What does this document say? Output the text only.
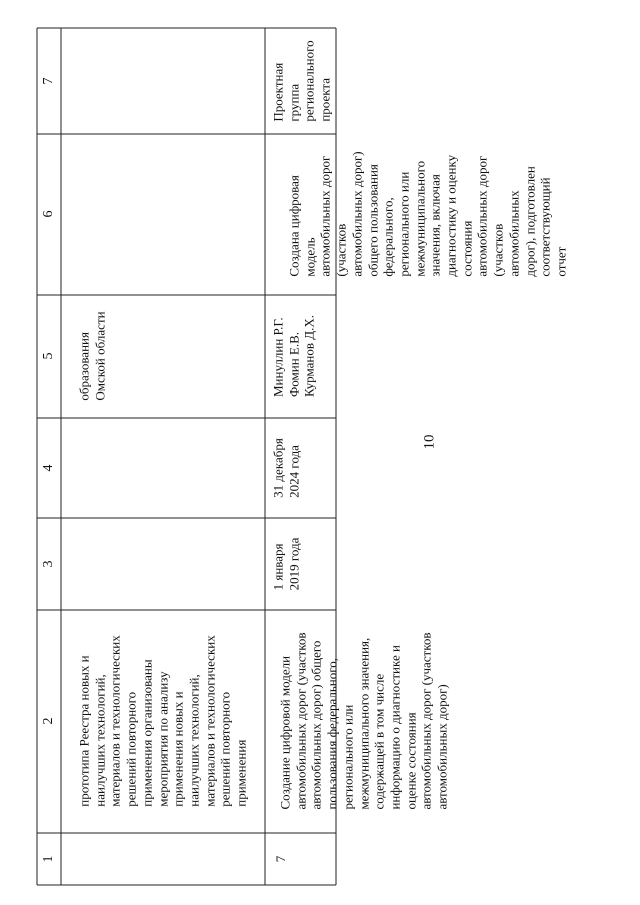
10
1
2
3
4
5
6
7
прототипа Реестра новых и
наилучших технологий,
материалов и технологических
решений повторного
применения организованы
мероприятия по анализу
применения новых и
наилучших технологий,
материалов и технологических
решений повторного
применения
образования
Омской области
7
Создание цифровой модели
автомобильных дорог (участков
автомобильных дорог) общего
пользования федерального,
регионального или
межмуниципального значения,
содержащей в том числе
информацию о диагностике и
оценке состояния
автомобильных дорог (участков
автомобильных дорог)
1 января
2019 года
31 декабря
2024 года
Минуллин Р.Г.
Фомин Е.В.
Курманов Д.Х.
Создана цифровая
модель
автомобильных дорог
(участков
автомобильных дорог)
общего пользования
федерального,
регионального или
межмуниципального
значения, включая
диагностику и оценку
состояния
автомобильных дорог
(участков
автомобильных
дорог), подготовлен
соответствующий
отчет
Проектная
группа
регионального
проекта
